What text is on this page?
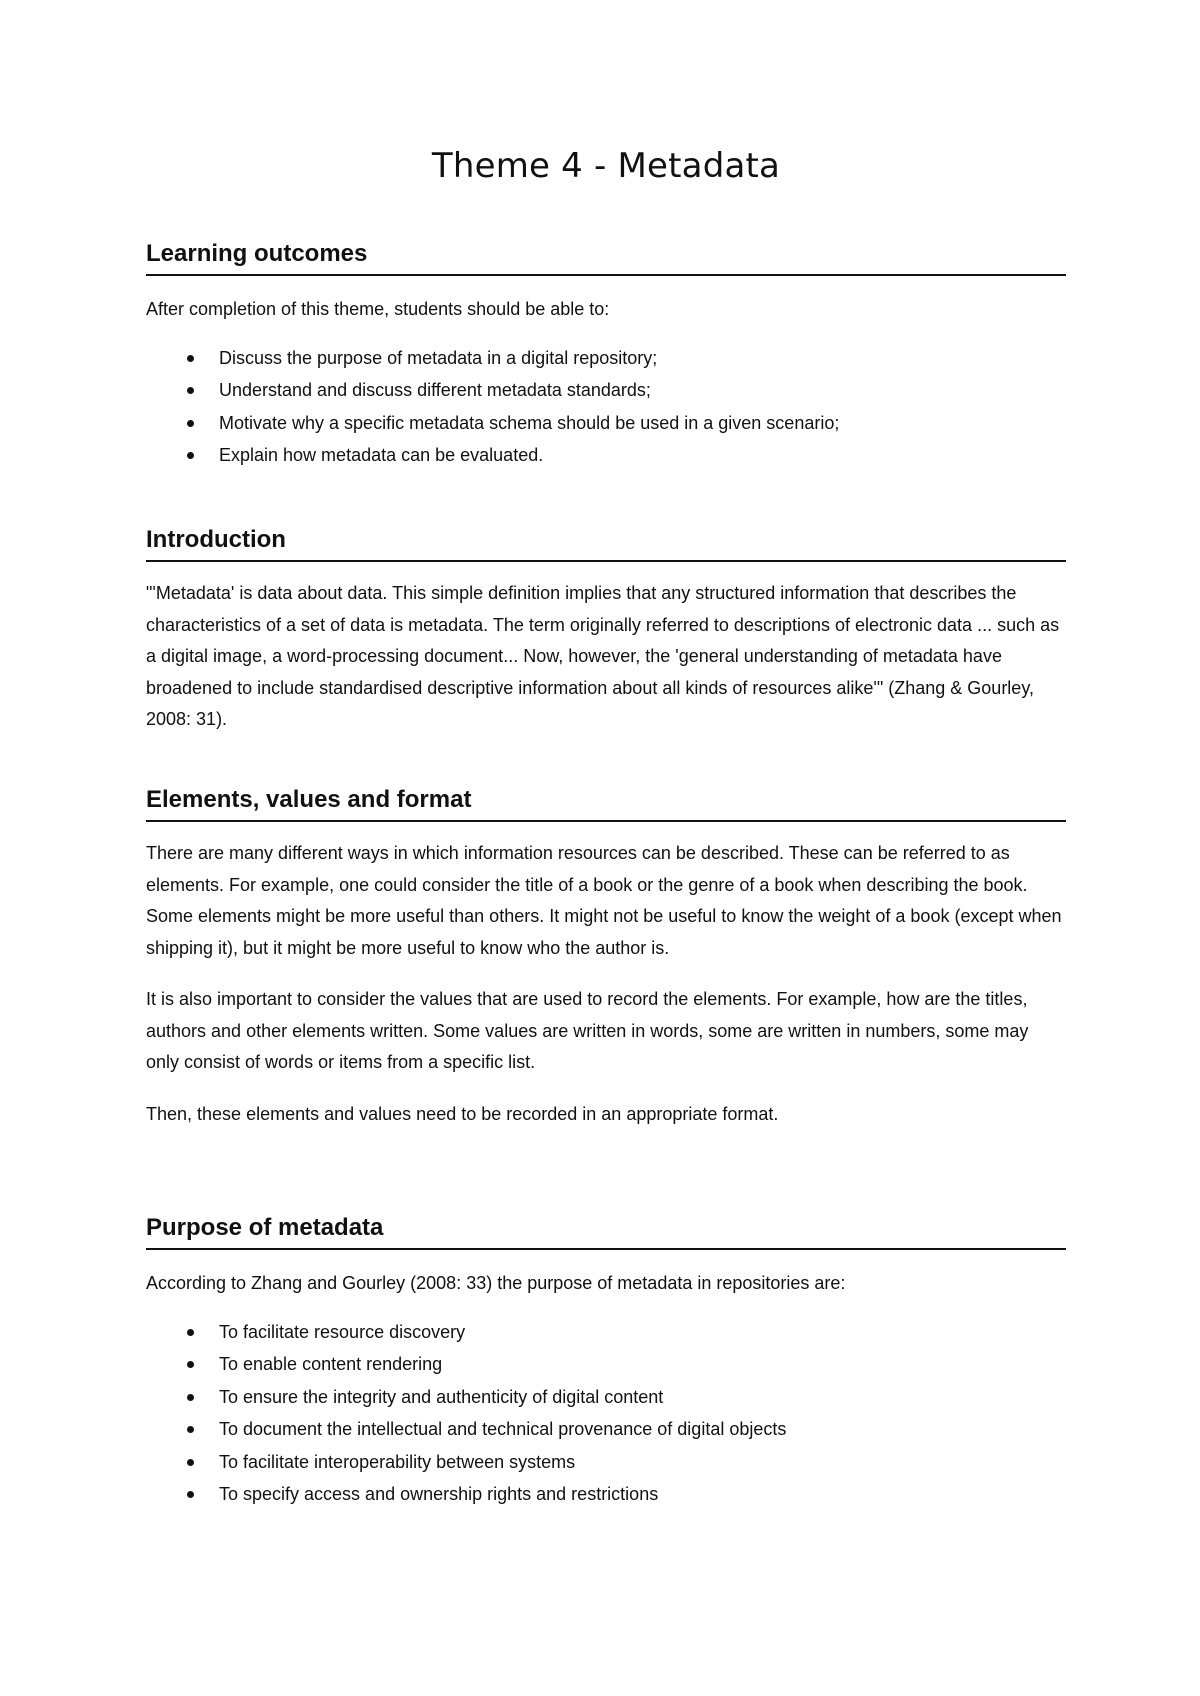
Theme 4 - Metadata
Learning outcomes

After completion of this theme, students should be able to:

Discuss the purpose of metadata in a digital repository;
Understand and discuss different metadata standards;
Motivate why a specific metadata schema should be used in a given scenario;
Explain how metadata can be evaluated.
Introduction

"'Metadata' is data about data. This simple definition implies that any structured information that describes the characteristics of a set of data is metadata. The term originally referred to descriptions of electronic data ... such as a digital image, a word-processing document... Now, however, the 'general understanding of metadata have broadened to include standardised descriptive information about all kinds of resources alike'" (Zhang & Gourley, 2008: 31).

Elements, values and format

There are many different ways in which information resources can be described. These can be referred to as elements. For example, one could consider the title of a book or the genre of a book when describing the book. Some elements might be more useful than others. It might not be useful to know the weight of a book (except when shipping it), but it might be more useful to know who the author is.

It is also important to consider the values that are used to record the elements. For example, how are the titles, authors and other elements written. Some values are written in words, some are written in numbers, some may only consist of words or items from a specific list.

Then, these elements and values need to be recorded in an appropriate format.

Purpose of metadata

According to Zhang and Gourley (2008: 33) the purpose of metadata in repositories are:

To facilitate resource discovery
To enable content rendering
To ensure the integrity and authenticity of digital content
To document the intellectual and technical provenance of digital objects
To facilitate interoperability between systems
To specify access and ownership rights and restrictions
